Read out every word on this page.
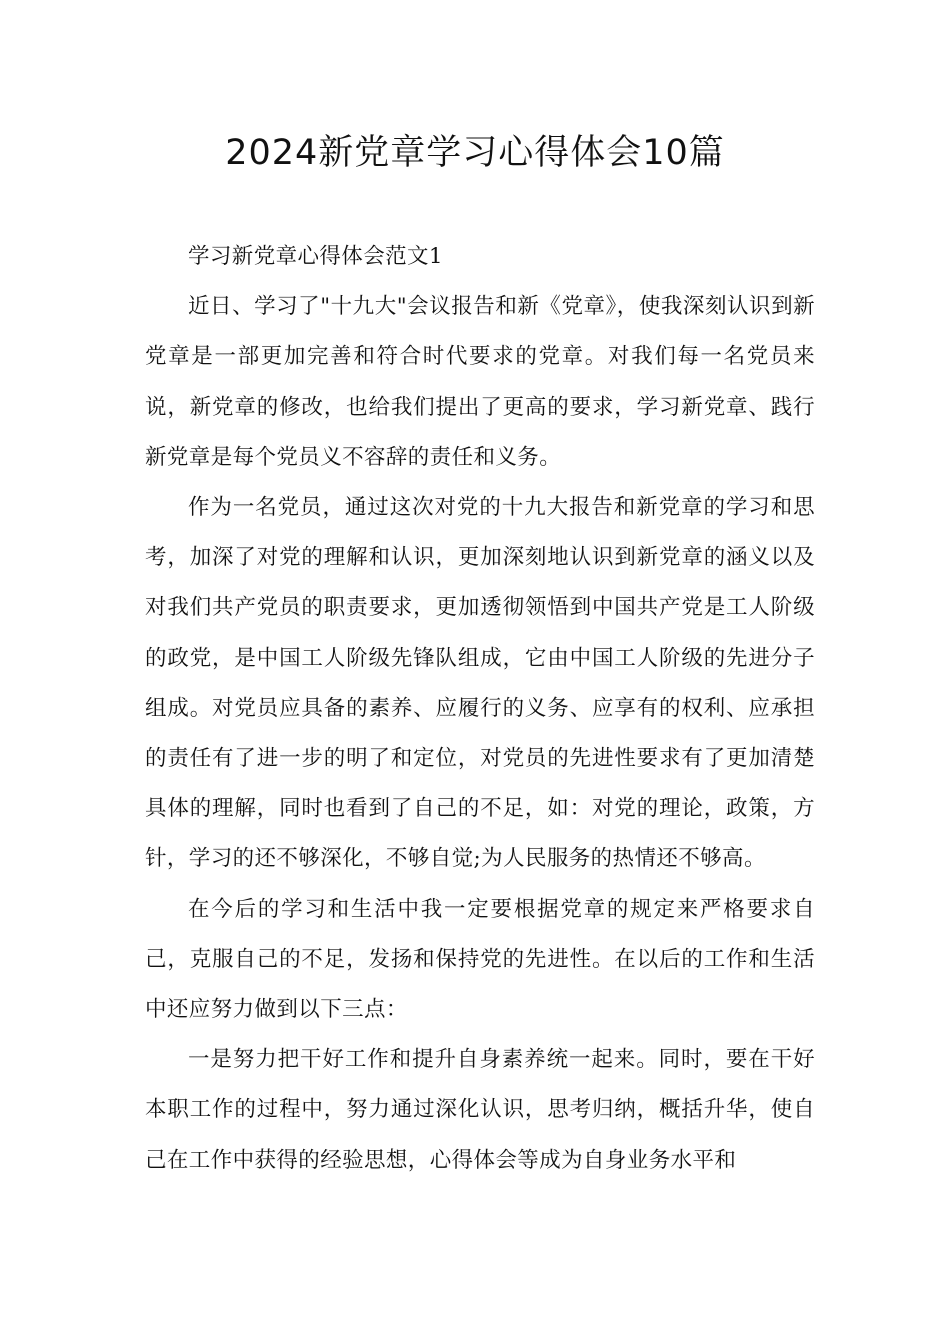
2024新党章学习心得体会10篇

学习新党章心得体会范文1

近日、学习了"十九大"会议报告和新《党章》，使我深刻认识到新党章是一部更加完善和符合时代要求的党章。对我们每一名党员来说，新党章的修改，也给我们提出了更高的要求，学习新党章、践行新党章是每个党员义不容辞的责任和义务。

作为一名党员，通过这次对党的十九大报告和新党章的学习和思考，加深了对党的理解和认识，更加深刻地认识到新党章的涵义以及对我们共产党员的职责要求，更加透彻领悟到中国共产党是工人阶级的政党，是中国工人阶级先锋队组成，它由中国工人阶级的先进分子组成。对党员应具备的素养、应履行的义务、应享有的权利、应承担的责任有了进一步的明了和定位，对党员的先进性要求有了更加清楚具体的理解，同时也看到了自己的不足，如：对党的理论，政策，方针，学习的还不够深化，不够自觉;为人民服务的热情还不够高。

在今后的学习和生活中我一定要根据党章的规定来严格要求自己，克服自己的不足，发扬和保持党的先进性。在以后的工作和生活中还应努力做到以下三点：

一是努力把干好工作和提升自身素养统一起来。同时，要在干好本职工作的过程中，努力通过深化认识，思考归纳，概括升华，使自己在工作中获得的经验思想，心得体会等成为自身业务水平和
